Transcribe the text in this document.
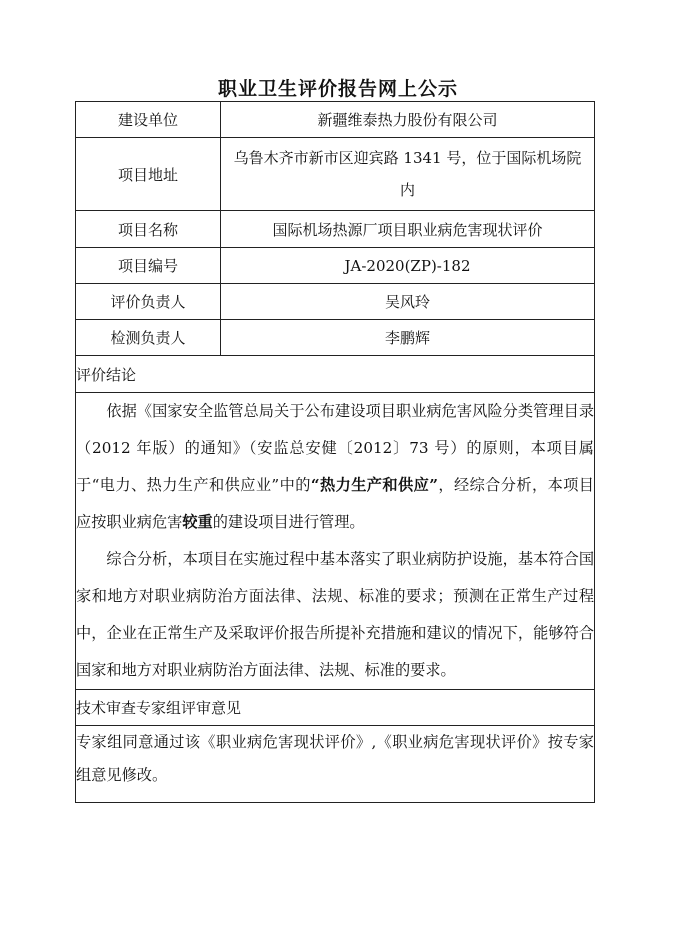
职业卫生评价报告网上公示
建设单位	新疆维泰热力股份有限公司
项目地址	乌鲁木齐市新市区迎宾路 1341 号，位于国际机场院内
项目名称	国际机场热源厂项目职业病危害现状评价
项目编号	JA-2020(ZP)-182
评价负责人	吴风玲
检测负责人	李鹏辉
评价结论	

依据《国家安全监管总局关于公布建设项目职业病危害风险分类管理目录（2012 年版）的通知》（安监总安健〔2012〕73 号）的原则，本项目属于“电力、热力生产和供应业”中的“热力生产和供应”，经综合分析，本项目应按职业病危害较重的建设项目进行管理。

综合分析，本项目在实施过程中基本落实了职业病防护设施，基本符合国家和地方对职业病防治方面法律、法规、标准的要求；预测在正常生产过程中，企业在正常生产及采取评价报告所提补充措施和建议的情况下，能够符合国家和地方对职业病防治方面法律、法规、标准的要求。	

技术审查专家组评审意见	

专家组同意通过该《职业病危害现状评价》,《职业病危害现状评价》按专家组意见修改。	
